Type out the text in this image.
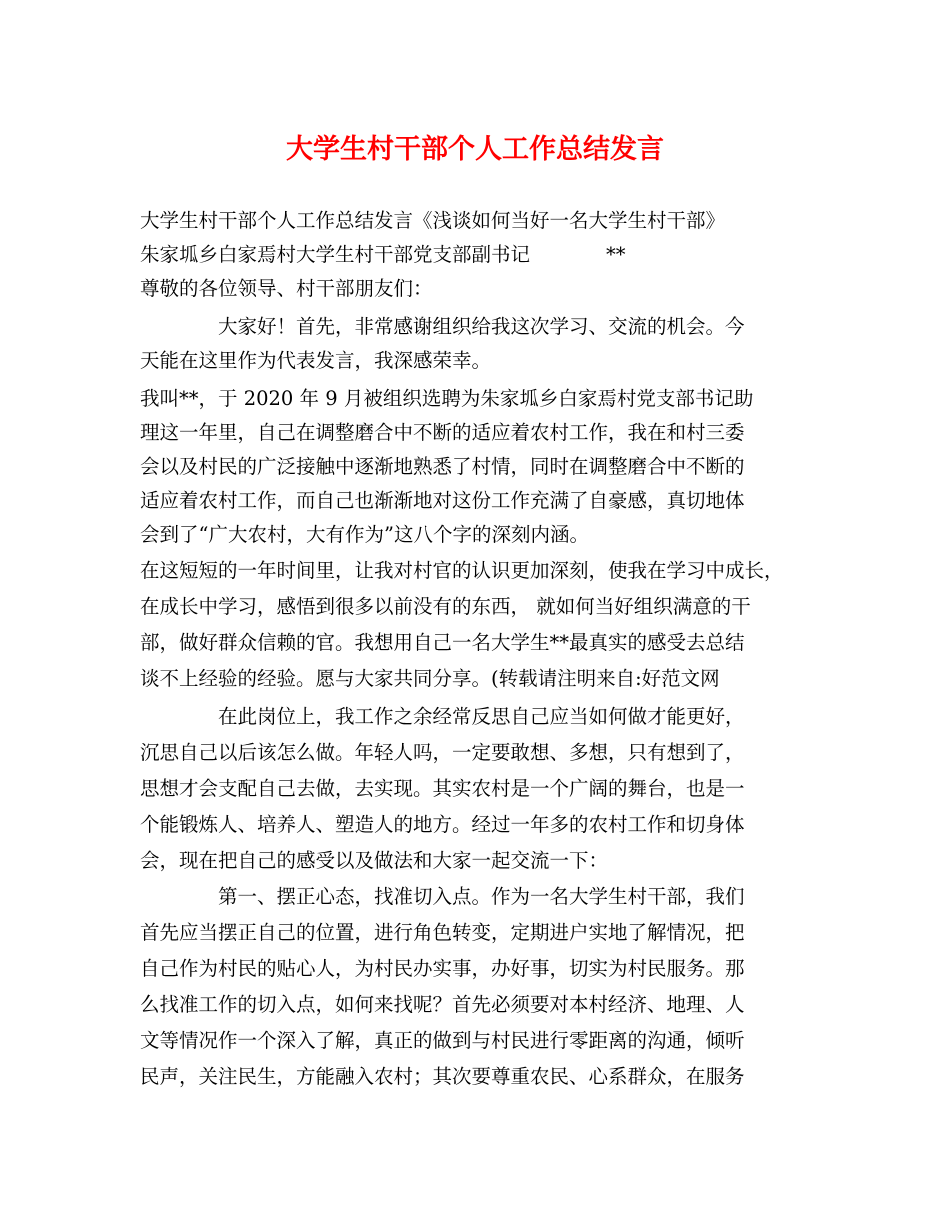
大学生村干部个人工作总结发言
大学生村干部个人工作总结发言《浅谈如何当好一名大学生村干部》
朱家坬乡白家焉村大学生村干部党支部副书记	**
尊敬的各位领导、村干部朋友们：
大家好！首先，非常感谢组织给我这次学习、交流的机会。今
天能在这里作为代表发言，我深感荣幸。
我叫**，于 2020 年 9 月被组织选聘为朱家坬乡白家焉村党支部书记助
理这一年里，自己在调整磨合中不断的适应着农村工作，我在和村三委
会以及村民的广泛接触中逐渐地熟悉了村情，同时在调整磨合中不断的
适应着农村工作，而自己也渐渐地对这份工作充满了自豪感，真切地体
会到了“广大农村，大有作为”这八个字的深刻内涵。
在这短短的一年时间里，让我对村官的认识更加深刻，使我在学习中成长，
在成长中学习，感悟到很多以前没有的东西， 就如何当好组织满意的干
部，做好群众信赖的官。我想用自己一名大学生**最真实的感受去总结
谈不上经验的经验。愿与大家共同分享。(转载请注明来自:好范文网
在此岗位上，我工作之余经常反思自己应当如何做才能更好，
沉思自己以后该怎么做。年轻人吗，一定要敢想、多想，只有想到了，
思想才会支配自己去做，去实现。其实农村是一个广阔的舞台，也是一
个能锻炼人、培养人、塑造人的地方。经过一年多的农村工作和切身体
会，现在把自己的感受以及做法和大家一起交流一下：
第一、摆正心态，找准切入点。作为一名大学生村干部，我们
首先应当摆正自己的位置，进行角色转变，定期进户实地了解情况，把
自己作为村民的贴心人，为村民办实事，办好事，切实为村民服务。那
么找准工作的切入点，如何来找呢？首先必须要对本村经济、地理、人
文等情况作一个深入了解，真正的做到与村民进行零距离的沟通，倾听
民声，关注民生，方能融入农村；其次要尊重农民、心系群众，在服务
